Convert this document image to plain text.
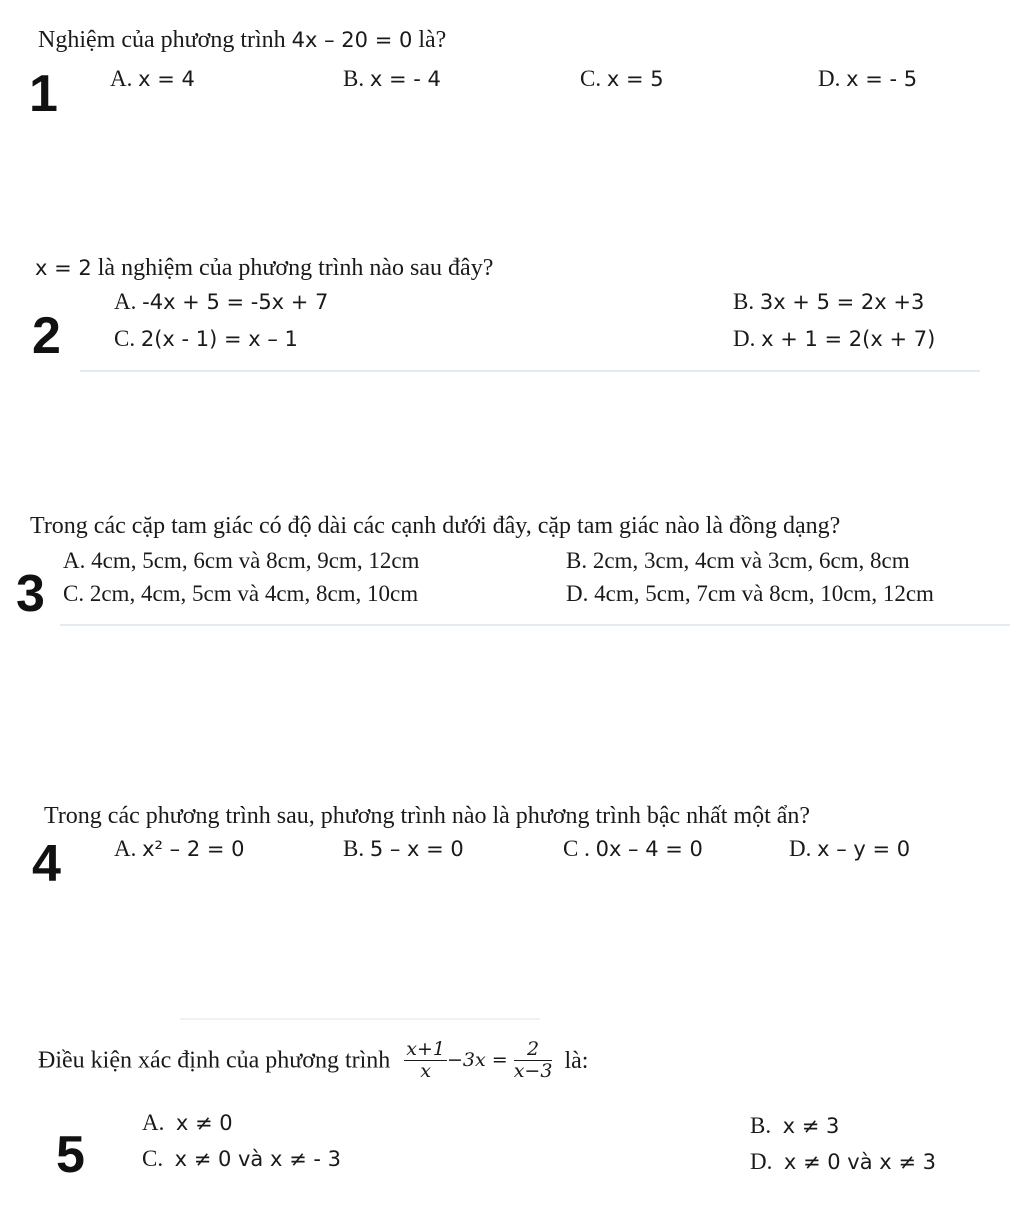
Nghiệm của phương trình 4x – 20 = 0 là?
1 A. x = 4	B. x = - 4	C. x = 5	D. x = - 5
x = 2 là nghiệm của phương trình nào sau đây?
A. -4x + 5 = -5x + 7	B. 3x + 5 = 2x +3
2 C. 2(x - 1) = x – 1	D. x + 1 = 2(x + 7)
Trong các cặp tam giác có độ dài các cạnh dưới đây, cặp tam giác nào là đồng dạng?
A. 4cm, 5cm, 6cm và 8cm, 9cm, 12cm	B. 2cm, 3cm, 4cm và 3cm, 6cm, 8cm
3 C. 2cm, 4cm, 5cm và 4cm, 8cm, 10cm	D. 4cm, 5cm, 7cm và 8cm, 10cm, 12cm
Trong các phương trình sau, phương trình nào là phương trình bậc nhất một ẩn?
4 A. x² – 2 = 0	B. 5 – x = 0	C . 0x – 4 = 0	D. x – y = 0
Điều kiện xác định của phương trình $\frac{x+1}{x} -3x = \frac{2}{x-3}$ là:
A. x ≠ 0	B. x ≠ 3
5 C. x ≠ 0 và x ≠ - 3	D. x ≠ 0 và x ≠ 3
